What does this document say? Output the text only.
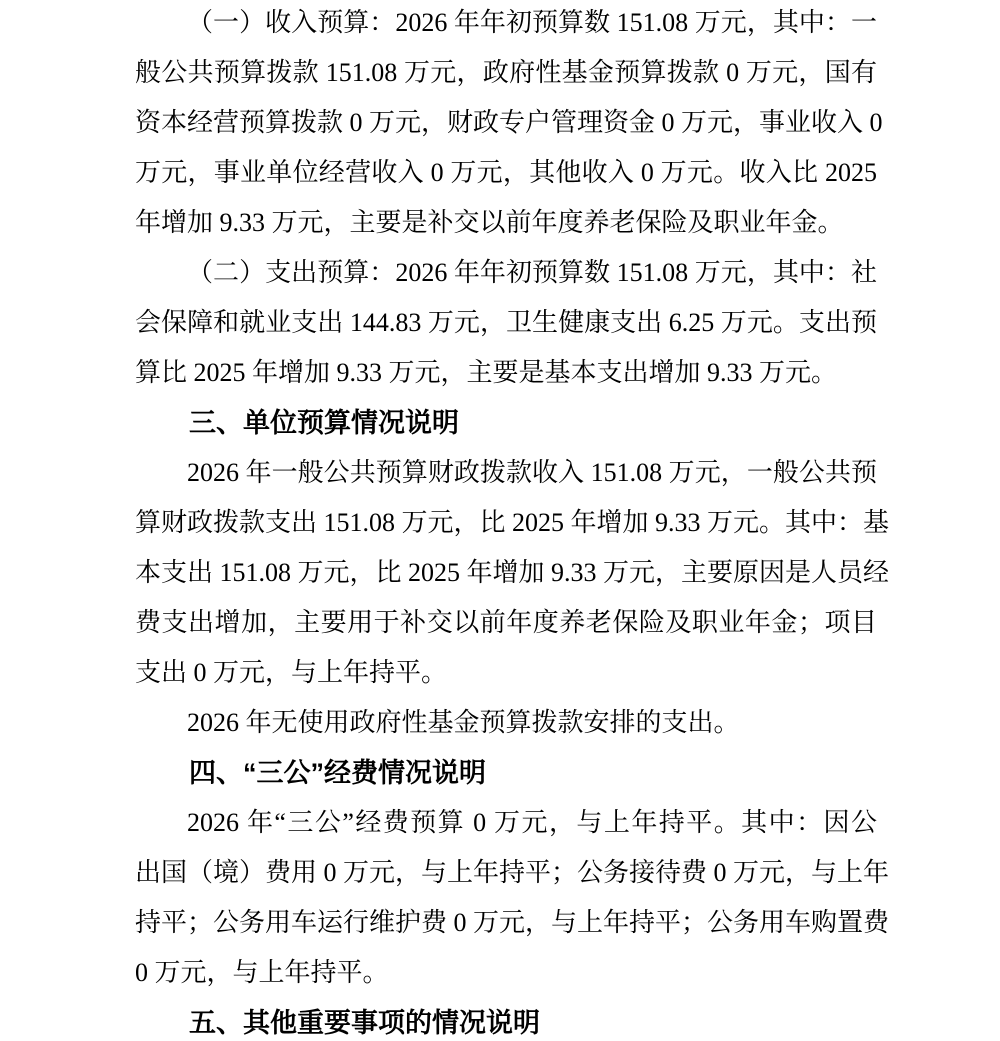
（一）收入预算：2026 年年初预算数 151.08 万元，其中：一
般公共预算拨款 151.08 万元，政府性基金预算拨款 0 万元，国有
资本经营预算拨款 0 万元，财政专户管理资金 0 万元，事业收入 0
万元，事业单位经营收入 0 万元，其他收入 0 万元。收入比 2025
年增加 9.33 万元，主要是补交以前年度养老保险及职业年金。
（二）支出预算：2026 年年初预算数 151.08 万元，其中：社
会保障和就业支出 144.83 万元，卫生健康支出 6.25 万元。支出预
算比 2025 年增加 9.33 万元，主要是基本支出增加 9.33 万元。
三、单位预算情况说明
2026 年一般公共预算财政拨款收入 151.08 万元，一般公共预
算财政拨款支出 151.08 万元，比 2025 年增加 9.33 万元。其中：基
本支出 151.08 万元，比 2025 年增加 9.33 万元，主要原因是人员经
费支出增加，主要用于补交以前年度养老保险及职业年金；项目
支出 0 万元，与上年持平。
2026 年无使用政府性基金预算拨款安排的支出。
四、“三公”经费情况说明
2026 年“三公”经费预算 0 万元，与上年持平。其中：因公
出国（境）费用 0 万元，与上年持平；公务接待费 0 万元，与上年
持平；公务用车运行维护费 0 万元，与上年持平；公务用车购置费
0 万元，与上年持平。
五、其他重要事项的情况说明
